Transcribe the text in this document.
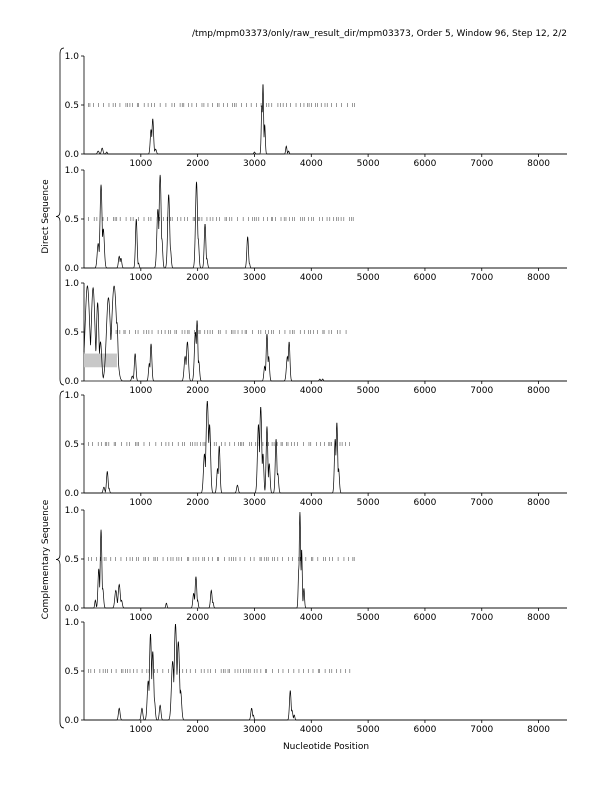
/tmp/mpm03373/only/raw_result_dir/mpm03373, Order 5, Window 96, Step 12, 2/2
0.0
0.5
1.0
1000	2000	3000	4000	5000	6000	7000	8000
0.0
0.5
1.0
1000	2000	3000	4000	5000	6000	7000	8000
0.0
0.5
1.0
1000	2000	3000	4000	5000	6000	7000	8000
0.0
0.5
1.0
1000	2000	3000	4000	5000	6000	7000	8000
0.0
0.5
1.0
1000	2000	3000	4000	5000	6000	7000	8000
0.0
0.5
1.0
1000	2000	3000	4000	5000	6000	7000	8000
Direct Sequence
Complementary Sequence
Nucleotide Position
